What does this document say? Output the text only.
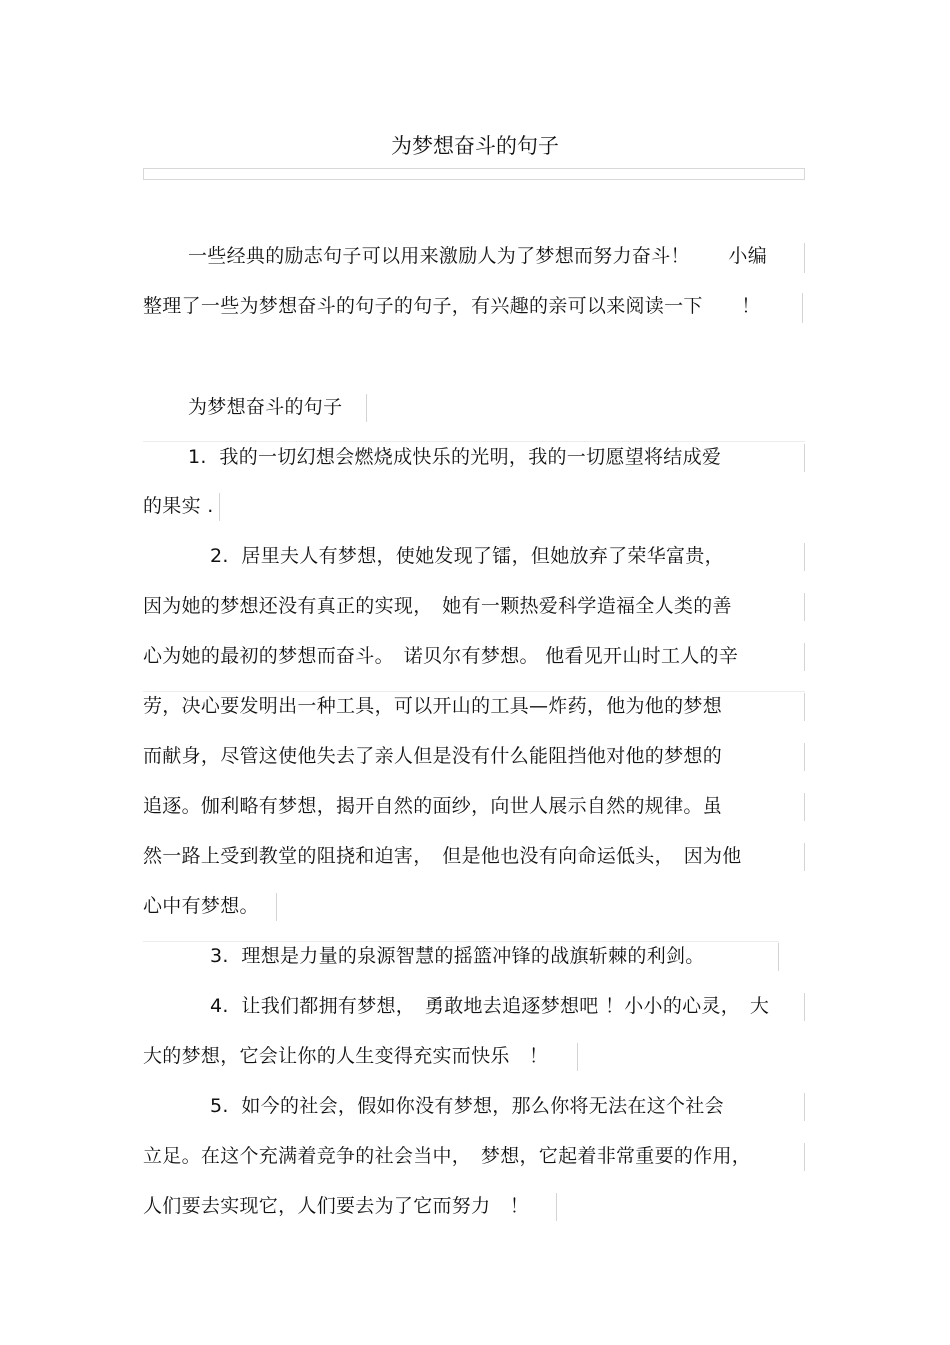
为梦想奋斗的句子
一些经典的励志句子可以用来激励人为了梦想而努力奋斗！　　小编
整理了一些为梦想奋斗的句子的句子，有兴趣的亲可以来阅读一下　　！
为梦想奋斗的句子
1.  我的一切幻想会燃烧成快乐的光明，我的一切愿望将结成爱
的果实 .
2.  居里夫人有梦想，使她发现了镭，但她放弃了荣华富贵，
因为她的梦想还没有真正的实现，　她有一颗热爱科学造福全人类的善
心为她的最初的梦想而奋斗。　诺贝尔有梦想。 他看见开山时工人的辛
劳，决心要发明出一种工具，可以开山的工具—炸药，他为他的梦想
而献身，尽管这使他失去了亲人但是没有什么能阻挡他对他的梦想的
追逐。伽利略有梦想，揭开自然的面纱，向世人展示自然的规律。虽
然一路上受到教堂的阻挠和迫害，　但是他也没有向命运低头，　因为他
心中有梦想。
3.  理想是力量的泉源智慧的摇篮冲锋的战旗斩棘的利剑。
4.  让我们都拥有梦想，　勇敢地去追逐梦想吧 ！小小的心灵，　大
大的梦想，它会让你的人生变得充实而快乐　！
5.  如今的社会，假如你没有梦想，那么你将无法在这个社会
立足。在这个充满着竞争的社会当中，　梦想，它起着非常重要的作用，
人们要去实现它，人们要去为了它而努力　！
